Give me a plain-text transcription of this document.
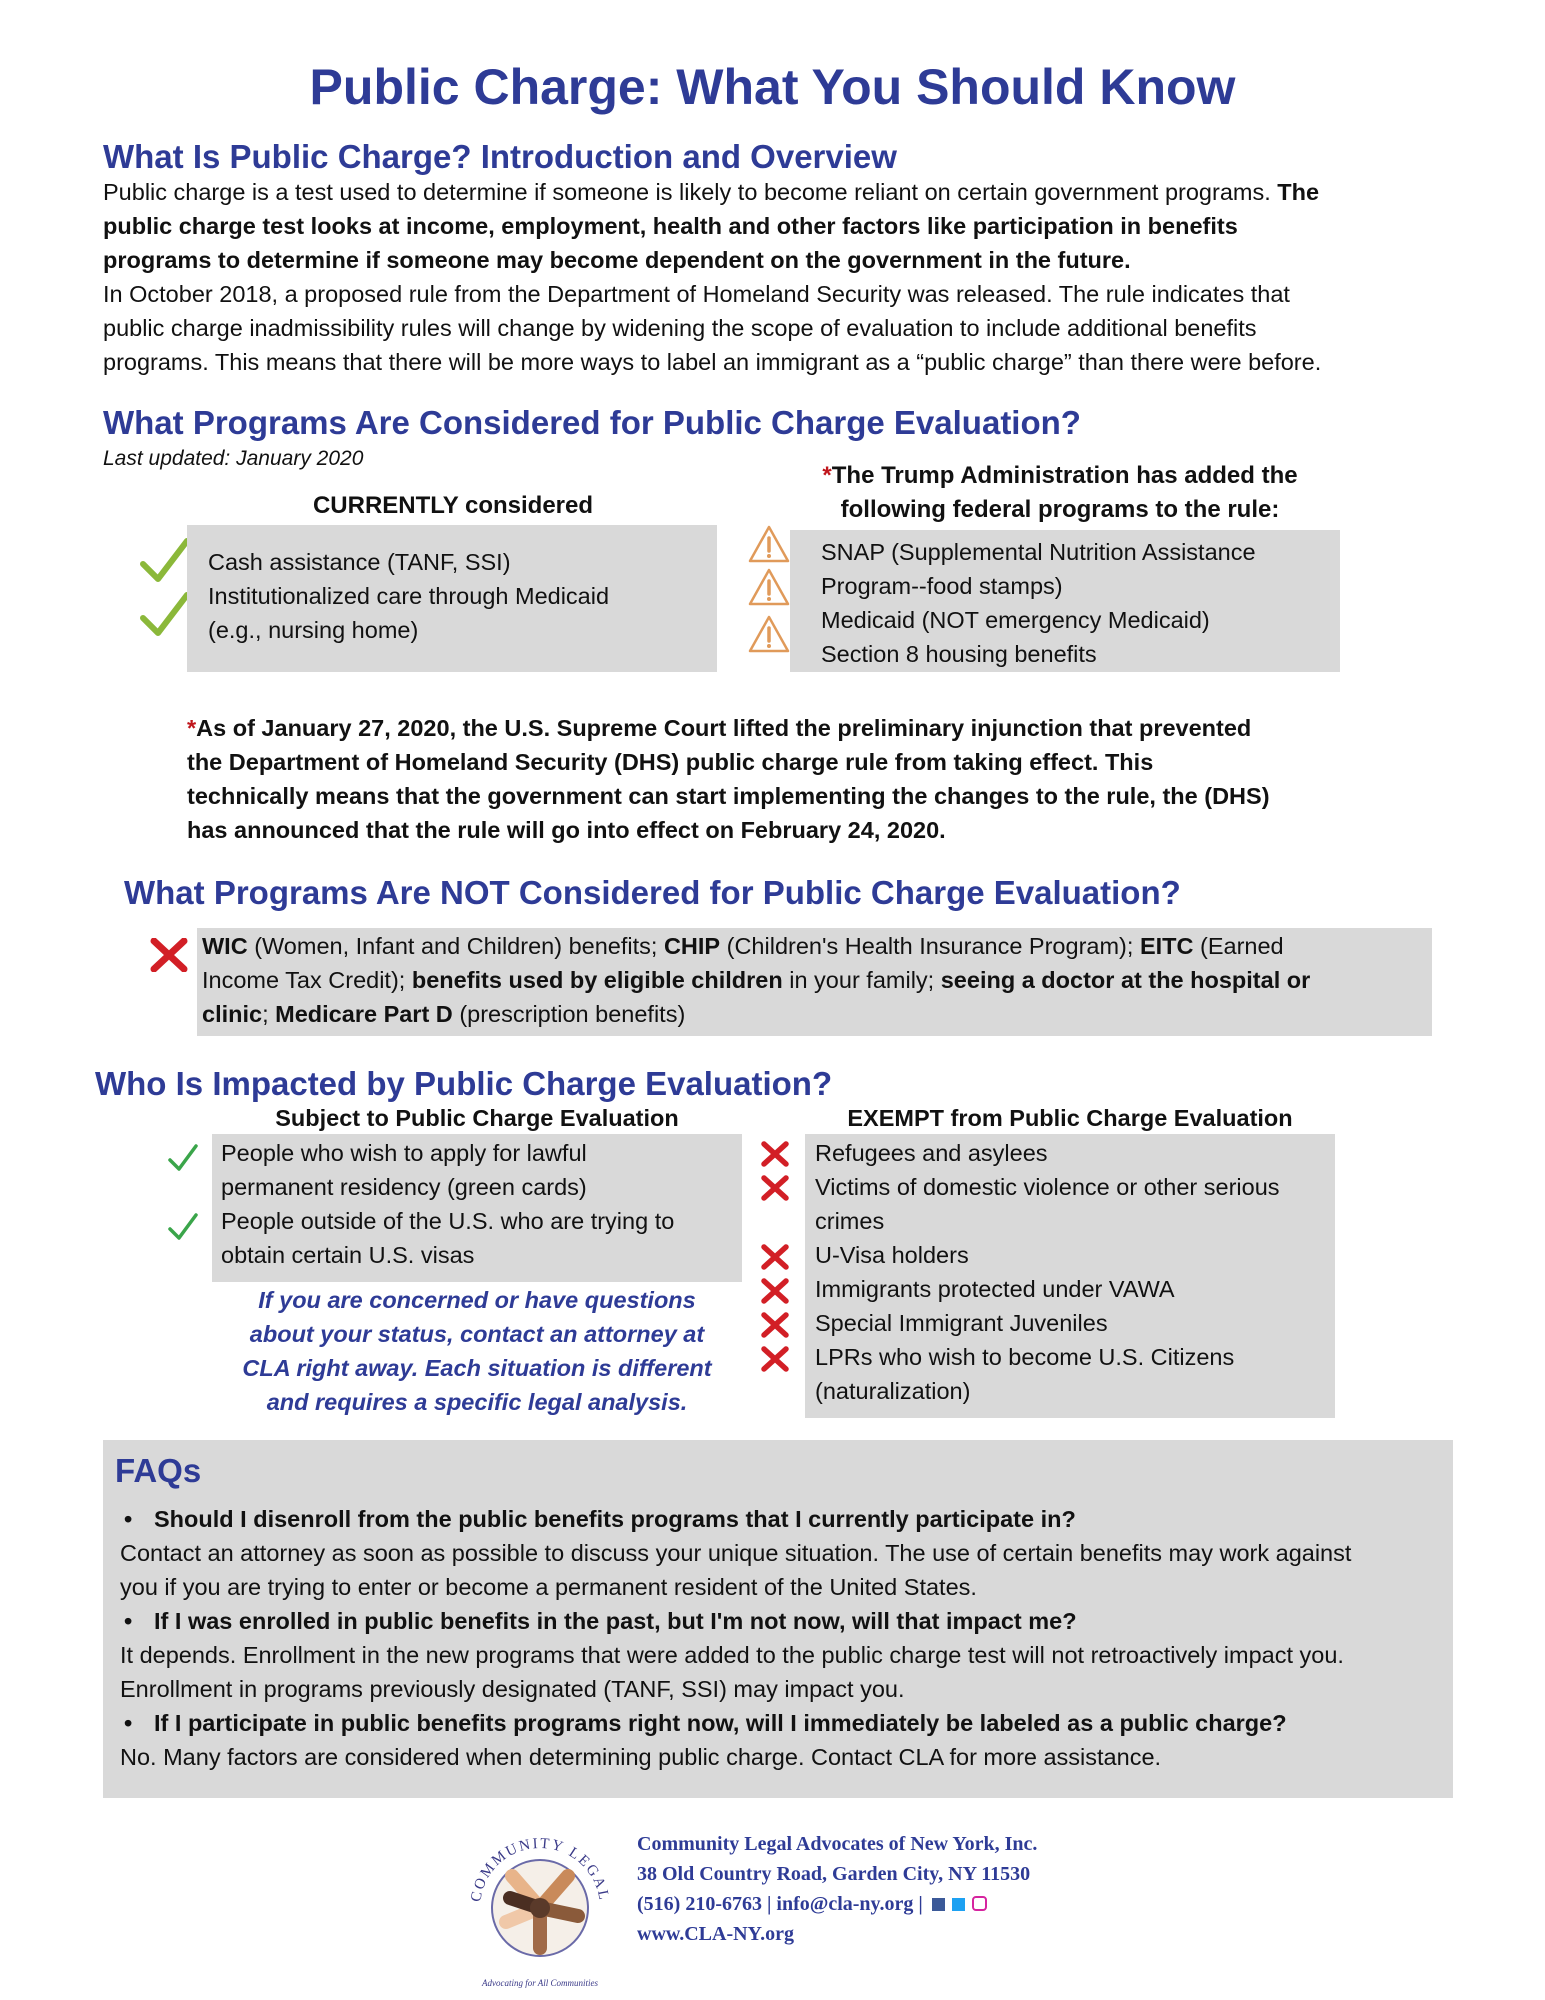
Public Charge: What You Should Know
What Is Public Charge? Introduction and Overview
Public charge is a test used to determine if someone is likely to become reliant on certain government programs. The
public charge test looks at income, employment, health and other factors like participation in benefits
programs to determine if someone may become dependent on the government in the future.
In October 2018, a proposed rule from the Department of Homeland Security was released. The rule indicates that
public charge inadmissibility rules will change by widening the scope of evaluation to include additional benefits
programs. This means that there will be more ways to label an immigrant as a “public charge” than there were before.
What Programs Are Considered for Public Charge Evaluation?
Last updated: January 2020
CURRENTLY considered
Cash assistance (TANF, SSI)
Institutionalized care through Medicaid
(e.g., nursing home)
*The Trump Administration has added the
following federal programs to the rule:
SNAP (Supplemental Nutrition Assistance
Program--food stamps)
Medicaid (NOT emergency Medicaid)
Section 8 housing benefits
*As of January 27, 2020, the U.S. Supreme Court lifted the preliminary injunction that prevented
the Department of Homeland Security (DHS) public charge rule from taking effect. This
technically means that the government can start implementing the changes to the rule, the (DHS)
has announced that the rule will go into effect on February 24, 2020.
What Programs Are NOT Considered for Public Charge Evaluation?
WIC (Women, Infant and Children) benefits; CHIP (Children's Health Insurance Program); EITC (Earned
Income Tax Credit); benefits used by eligible children in your family; seeing a doctor at the hospital or
clinic; Medicare Part D (prescription benefits)
Who Is Impacted by Public Charge Evaluation?
Subject to Public Charge Evaluation
People who wish to apply for lawful
permanent residency (green cards)
People outside of the U.S. who are trying to
obtain certain U.S. visas
If you are concerned or have questions
about your status, contact an attorney at
CLA right away. Each situation is different
and requires a specific legal analysis.
EXEMPT from Public Charge Evaluation
Refugees and asylees
Victims of domestic violence or other serious
crimes
U-Visa holders
Immigrants protected under VAWA
Special Immigrant Juveniles
LPRs who wish to become U.S. Citizens
(naturalization)
FAQs
• Should I disenroll from the public benefits programs that I currently participate in?
Contact an attorney as soon as possible to discuss your unique situation. The use of certain benefits may work against
you if you are trying to enter or become a permanent resident of the United States.
• If I was enrolled in public benefits in the past, but I'm not now, will that impact me?
It depends. Enrollment in the new programs that were added to the public charge test will not retroactively impact you.
Enrollment in programs previously designated (TANF, SSI) may impact you.
• If I participate in public benefits programs right now, will I immediately be labeled as a public charge?
No. Many factors are considered when determining public charge. Contact CLA for more assistance.
COMMUNITY LEGAL
Advocating for All Communities
Community Legal Advocates of New York, Inc.
38 Old Country Road, Garden City, NY 11530
(516) 210-6763 | info@cla-ny.org |
www.CLA-NY.org
